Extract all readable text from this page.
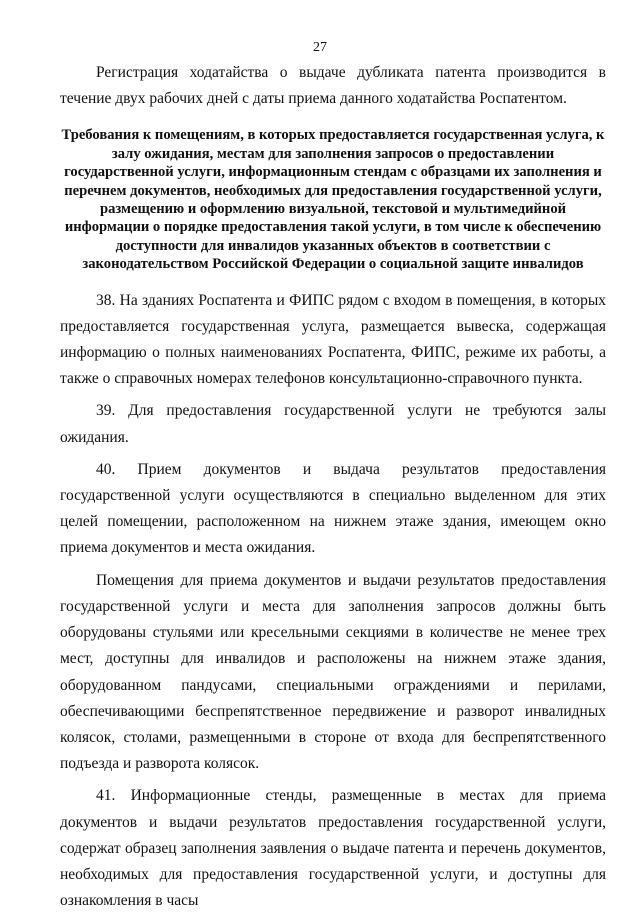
27

Регистрация ходатайства о выдаче дубликата патента производится в течение двух рабочих дней с даты приема данного ходатайства Роспатентом.

Требования к помещениям, в которых предоставляется государственная услуга, к залу ожидания, местам для заполнения запросов о предоставлении государственной услуги, информационным стендам с образцами их заполнения и перечнем документов, необходимых для предоставления государственной услуги, размещению и оформлению визуальной, текстовой и мультимедийной информации о порядке предоставления такой услуги, в том числе к обеспечению доступности для инвалидов указанных объектов в соответствии с законодательством Российской Федерации о социальной защите инвалидов

38. На зданиях Роспатента и ФИПС рядом с входом в помещения, в которых предоставляется государственная услуга, размещается вывеска, содержащая информацию о полных наименованиях Роспатента, ФИПС, режиме их работы, а также о справочных номерах телефонов консультационно-справочного пункта.

39. Для предоставления государственной услуги не требуются залы ожидания.

40. Прием документов и выдача результатов предоставления государственной услуги осуществляются в специально выделенном для этих целей помещении, расположенном на нижнем этаже здания, имеющем окно приема документов и места ожидания.

Помещения для приема документов и выдачи результатов предоставления государственной услуги и места для заполнения запросов должны быть оборудованы стульями или кресельными секциями в количестве не менее трех мест, доступны для инвалидов и расположены на нижнем этаже здания, оборудованном пандусами, специальными ограждениями и перилами, обеспечивающими беспрепятственное передвижение и разворот инвалидных колясок, столами, размещенными в стороне от входа для беспрепятственного подъезда и разворота колясок.

41. Информационные стенды, размещенные в местах для приема документов и выдачи результатов предоставления государственной услуги, содержат образец заполнения заявления о выдаче патента и перечень документов, необходимых для предоставления государственной услуги, и доступны для ознакомления в часы
